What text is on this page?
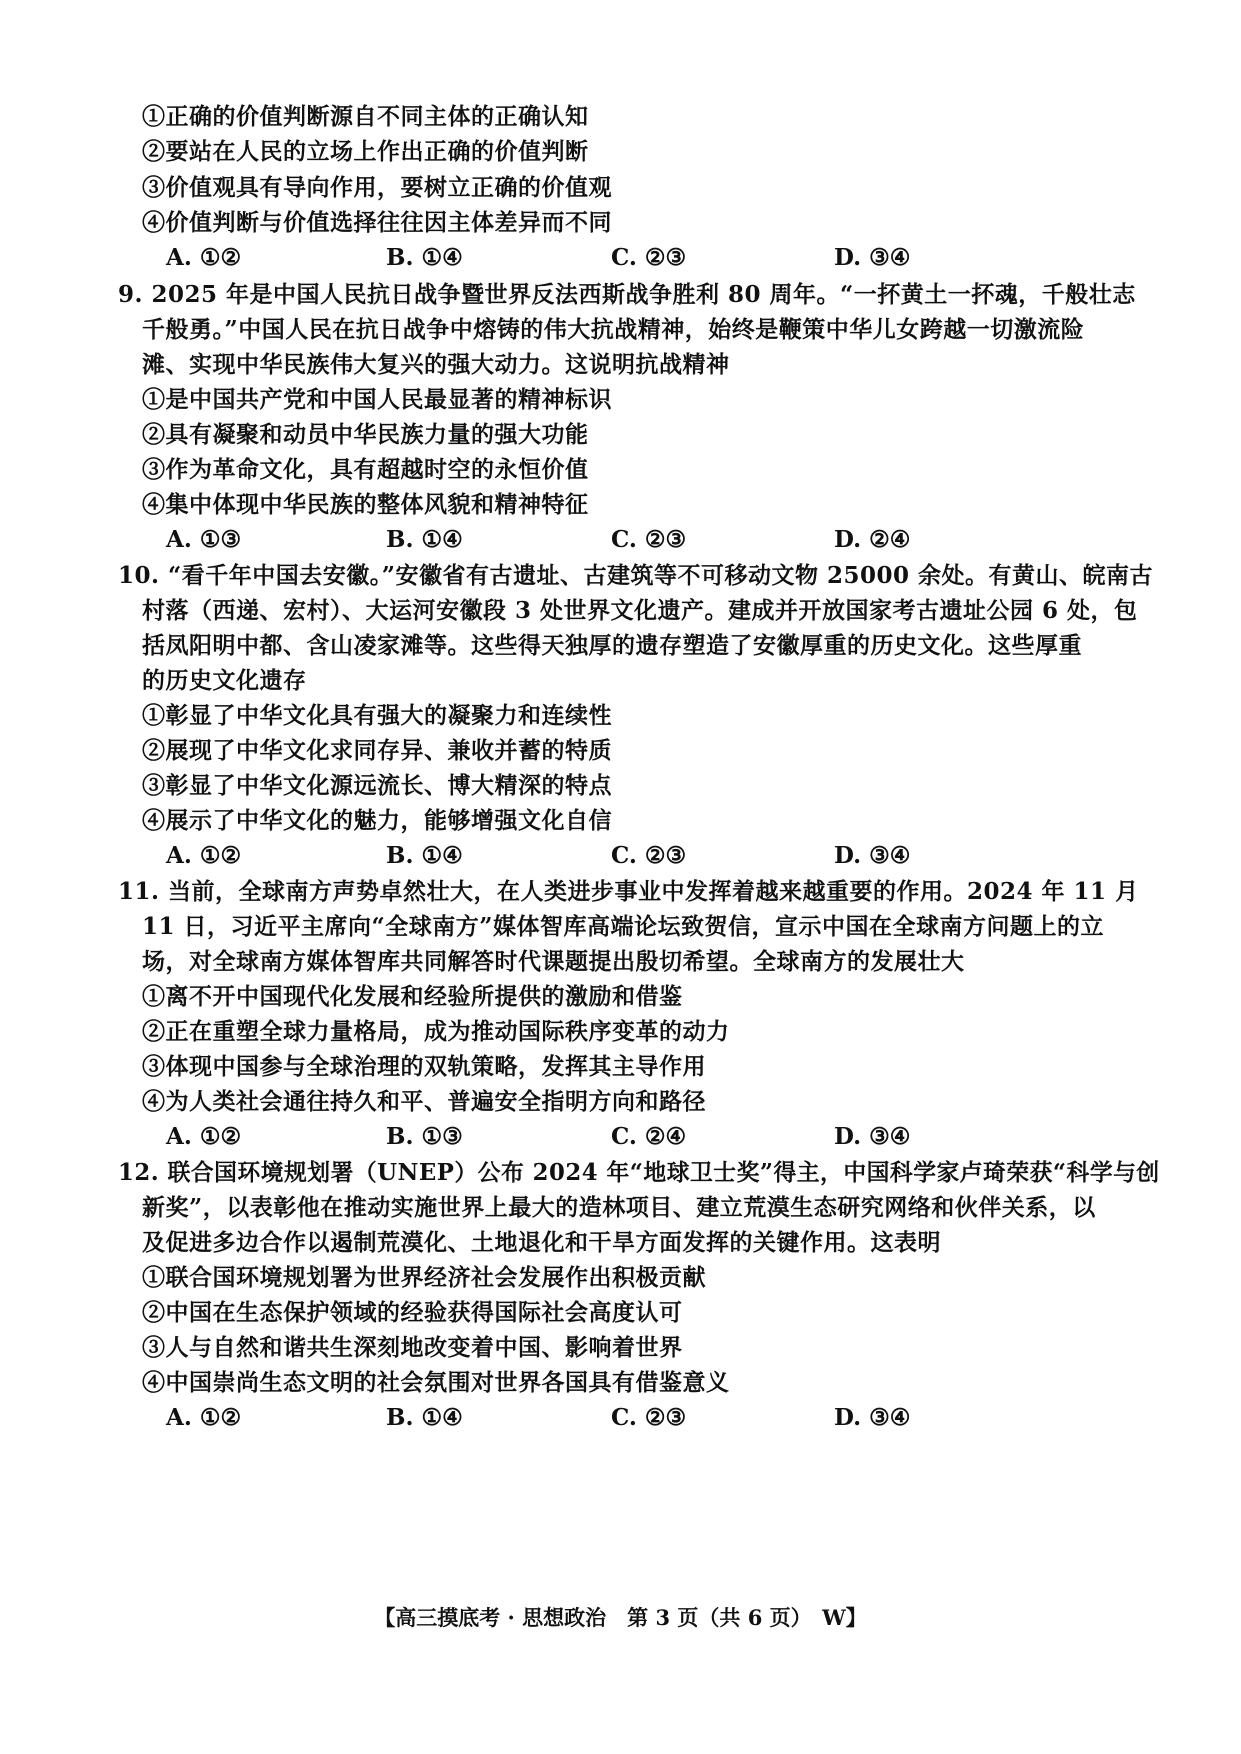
①正确的价值判断源自不同主体的正确认知
②要站在人民的立场上作出正确的价值判断
③价值观具有导向作用，要树立正确的价值观
④价值判断与价值选择往往因主体差异而不同
A. ①②	B. ①④	C. ②③	D. ③④
9. 2025 年是中国人民抗日战争暨世界反法西斯战争胜利 80 周年。“一抔黄土一抔魂，千般壮志
千般勇。”中国人民在抗日战争中熔铸的伟大抗战精神，始终是鞭策中华儿女跨越一切激流险
滩、实现中华民族伟大复兴的强大动力。这说明抗战精神
①是中国共产党和中国人民最显著的精神标识
②具有凝聚和动员中华民族力量的强大功能
③作为革命文化，具有超越时空的永恒价值
④集中体现中华民族的整体风貌和精神特征
A. ①③	B. ①④	C. ②③	D. ②④
10. “看千年中国去安徽。”安徽省有古遗址、古建筑等不可移动文物 25000 余处。有黄山、皖南古
村落（西递、宏村）、大运河安徽段 3 处世界文化遗产。建成并开放国家考古遗址公园 6 处，包
括凤阳明中都、含山凌家滩等。这些得天独厚的遗存塑造了安徽厚重的历史文化。这些厚重
的历史文化遗存
①彰显了中华文化具有强大的凝聚力和连续性
②展现了中华文化求同存异、兼收并蓄的特质
③彰显了中华文化源远流长、博大精深的特点
④展示了中华文化的魅力，能够增强文化自信
A. ①②	B. ①④	C. ②③	D. ③④
11. 当前，全球南方声势卓然壮大，在人类进步事业中发挥着越来越重要的作用。2024 年 11 月
11 日，习近平主席向“全球南方”媒体智库高端论坛致贺信，宣示中国在全球南方问题上的立
场，对全球南方媒体智库共同解答时代课题提出殷切希望。全球南方的发展壮大
①离不开中国现代化发展和经验所提供的激励和借鉴
②正在重塑全球力量格局，成为推动国际秩序变革的动力
③体现中国参与全球治理的双轨策略，发挥其主导作用
④为人类社会通往持久和平、普遍安全指明方向和路径
A. ①②	B. ①③	C. ②④	D. ③④
12. 联合国环境规划署（UNEP）公布 2024 年“地球卫士奖”得主，中国科学家卢琦荣获“科学与创
新奖”，以表彰他在推动实施世界上最大的造林项目、建立荒漠生态研究网络和伙伴关系，以
及促进多边合作以遏制荒漠化、土地退化和干旱方面发挥的关键作用。这表明
①联合国环境规划署为世界经济社会发展作出积极贡献
②中国在生态保护领域的经验获得国际社会高度认可
③人与自然和谐共生深刻地改变着中国、影响着世界
④中国崇尚生态文明的社会氛围对世界各国具有借鉴意义
A. ①②	B. ①④	C. ②③	D. ③④
【高三摸底考 · 思想政治　第 3 页（共 6 页）　W】
